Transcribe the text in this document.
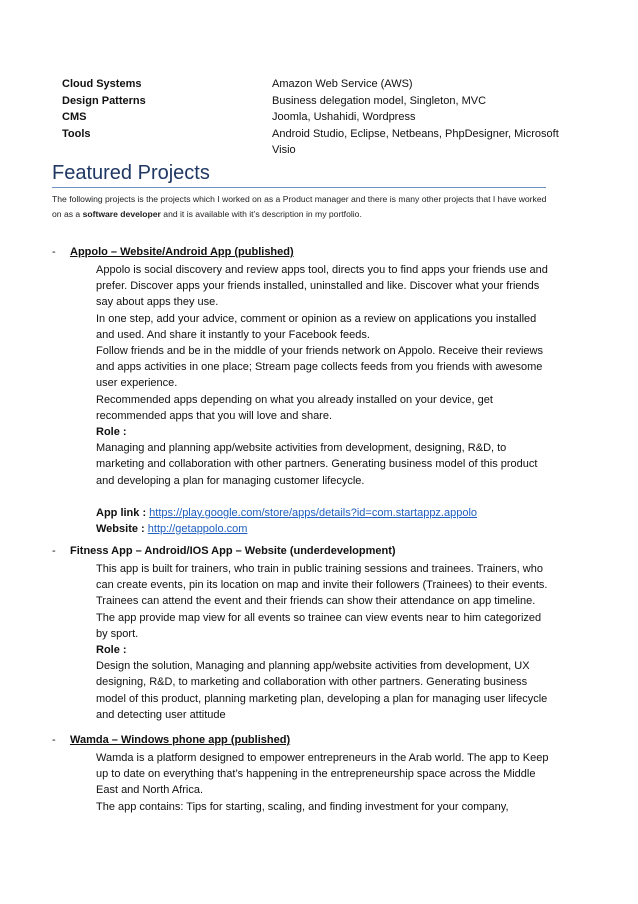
Cloud Systems	Amazon Web Service (AWS)
Design Patterns	Business delegation model, Singleton, MVC
CMS	Joomla, Ushahidi, Wordpress
Tools	Android Studio, Eclipse, Netbeans, PhpDesigner, Microsoft Visio
Featured Projects
The following projects is the projects which I worked on as a Product manager and there is many other projects that I have worked on as a software developer and it is available with it’s description in my portfolio.
- Appolo – Website/Android App (published)

Appolo is social discovery and review apps tool, directs you to find apps your friends use and prefer. Discover apps your friends installed, uninstalled and like. Discover what your friends say about apps they use.

In one step, add your advice, comment or opinion as a review on applications you installed and used. And share it instantly to your Facebook feeds.

Follow friends and be in the middle of your friends network on Appolo. Receive their reviews and apps activities in one place; Stream page collects feeds from you friends with awesome user experience.

Recommended apps depending on what you already installed on your device, get recommended apps that you will love and share.

Role :

Managing and planning app/website activities from development, designing, R&D, to marketing and collaboration with other partners. Generating business model of this product and developing a plan for managing customer lifecycle.

App link : https://play.google.com/store/apps/details?id=com.startappz.appolo

Website : http://getappolo.com

- Fitness App – Android/IOS App – Website (underdevelopment)

This app is built for trainers, who train in public training sessions and trainees. Trainers, who can create events, pin its location on map and invite their followers (Trainees) to their events. Trainees can attend the event and their friends can show their attendance on app timeline. The app provide map view for all events so trainee can view events near to him categorized by sport.

Role :

Design the solution, Managing and planning app/website activities from development, UX designing, R&D, to marketing and collaboration with other partners. Generating business model of this product, planning marketing plan, developing a plan for managing user lifecycle and detecting user attitude

- Wamda – Windows phone app (published)

Wamda is a platform designed to empower entrepreneurs in the Arab world. The app to Keep up to date on everything that’s happening in the entrepreneurship space across the Middle East and North Africa.

The app contains: Tips for starting, scaling, and finding investment for your company,
